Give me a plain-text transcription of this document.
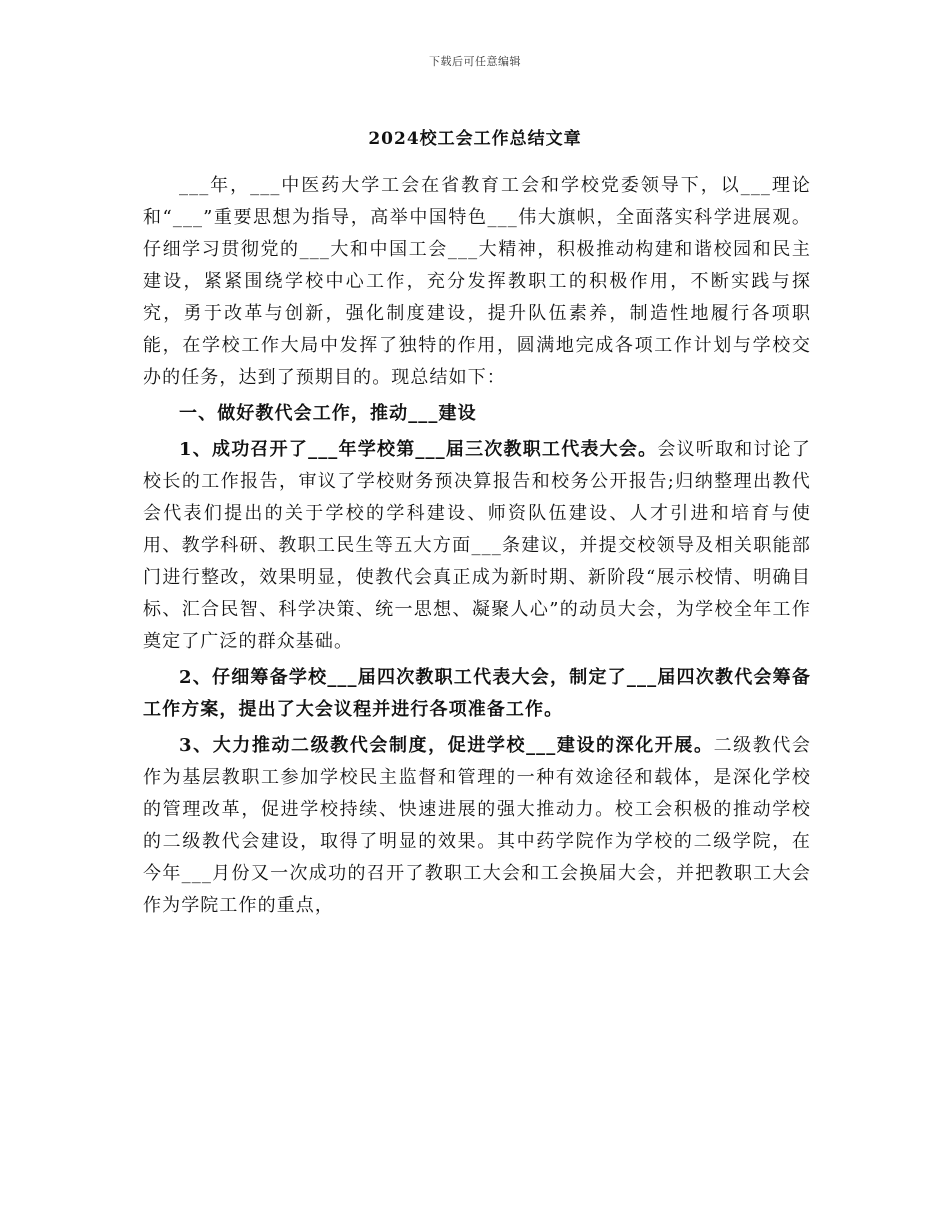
下载后可任意编辑
2024校工会工作总结文章

___年，___中医药大学工会在省教育工会和学校党委领导下，以___理论和“___”重要思想为指导，高举中国特色___伟大旗帜，全面落实科学进展观。仔细学习贯彻党的___大和中国工会___大精神，积极推动构建和谐校园和民主建设，紧紧围绕学校中心工作，充分发挥教职工的积极作用，不断实践与探究，勇于改革与创新，强化制度建设，提升队伍素养，制造性地履行各项职能，在学校工作大局中发挥了独特的作用，圆满地完成各项工作计划与学校交办的任务，达到了预期目的。现总结如下：

一、做好教代会工作，推动___建设

1、成功召开了___年学校第___届三次教职工代表大会。会议听取和讨论了校长的工作报告，审议了学校财务预决算报告和校务公开报告;归纳整理出教代会代表们提出的关于学校的学科建设、师资队伍建设、人才引进和培育与使用、教学科研、教职工民生等五大方面___条建议，并提交校领导及相关职能部门进行整改，效果明显，使教代会真正成为新时期、新阶段“展示校情、明确目标、汇合民智、科学决策、统一思想、凝聚人心”的动员大会，为学校全年工作奠定了广泛的群众基础。

2、仔细筹备学校___届四次教职工代表大会，制定了___届四次教代会筹备工作方案，提出了大会议程并进行各项准备工作。

3、大力推动二级教代会制度，促进学校___建设的深化开展。二级教代会作为基层教职工参加学校民主监督和管理的一种有效途径和载体，是深化学校的管理改革，促进学校持续、快速进展的强大推动力。校工会积极的推动学校的二级教代会建设，取得了明显的效果。其中药学院作为学校的二级学院，在今年___月份又一次成功的召开了教职工大会和工会换届大会，并把教职工大会作为学院工作的重点，
